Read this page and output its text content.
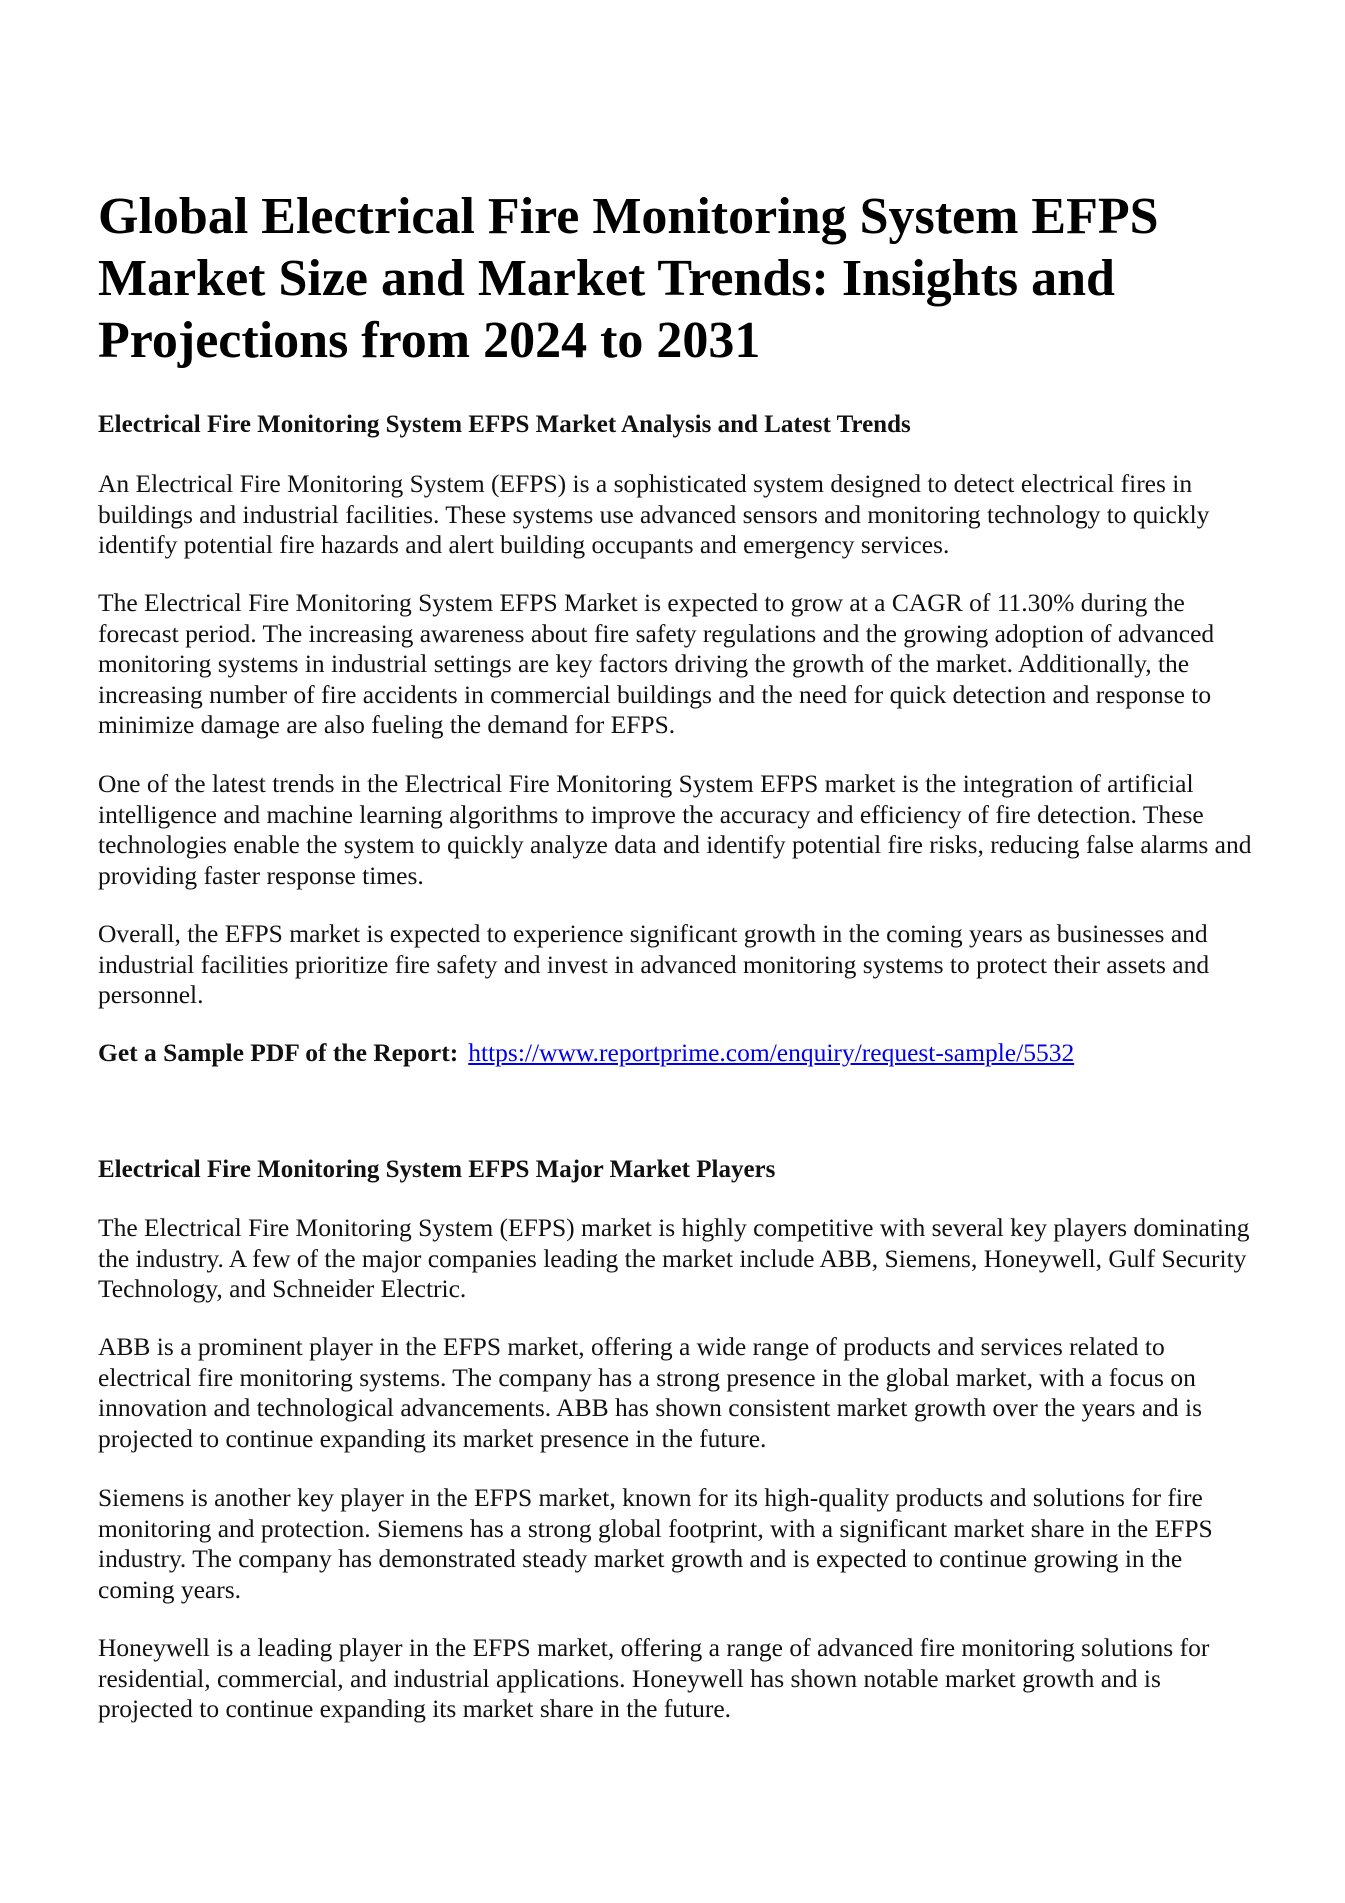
Global Electrical Fire Monitoring System EFPS Market Size and Market Trends: Insights and Projections from 2024 to 2031
Electrical Fire Monitoring System EFPS Market Analysis and Latest Trends

An Electrical Fire Monitoring System (EFPS) is a sophisticated system designed to detect electrical fires in buildings and industrial facilities. These systems use advanced sensors and monitoring technology to quickly identify potential fire hazards and alert building occupants and emergency services.

The Electrical Fire Monitoring System EFPS Market is expected to grow at a CAGR of 11.30% during the forecast period. The increasing awareness about fire safety regulations and the growing adoption of advanced monitoring systems in industrial settings are key factors driving the growth of the market. Additionally, the increasing number of fire accidents in commercial buildings and the need for quick detection and response to minimize damage are also fueling the demand for EFPS.

One of the latest trends in the Electrical Fire Monitoring System EFPS market is the integration of artificial intelligence and machine learning algorithms to improve the accuracy and efficiency of fire detection. These technologies enable the system to quickly analyze data and identify potential fire risks, reducing false alarms and providing faster response times.

Overall, the EFPS market is expected to experience significant growth in the coming years as businesses and industrial facilities prioritize fire safety and invest in advanced monitoring systems to protect their assets and personnel.

Get a Sample PDF of the Report: https://www.reportprime.com/enquiry/request-sample/5532

Electrical Fire Monitoring System EFPS Major Market Players

The Electrical Fire Monitoring System (EFPS) market is highly competitive with several key players dominating the industry. A few of the major companies leading the market include ABB, Siemens, Honeywell, Gulf Security Technology, and Schneider Electric.

ABB is a prominent player in the EFPS market, offering a wide range of products and services related to electrical fire monitoring systems. The company has a strong presence in the global market, with a focus on innovation and technological advancements. ABB has shown consistent market growth over the years and is projected to continue expanding its market presence in the future.

Siemens is another key player in the EFPS market, known for its high-quality products and solutions for fire monitoring and protection. Siemens has a strong global footprint, with a significant market share in the EFPS industry. The company has demonstrated steady market growth and is expected to continue growing in the coming years.

Honeywell is a leading player in the EFPS market, offering a range of advanced fire monitoring solutions for residential, commercial, and industrial applications. Honeywell has shown notable market growth and is projected to continue expanding its market share in the future.
